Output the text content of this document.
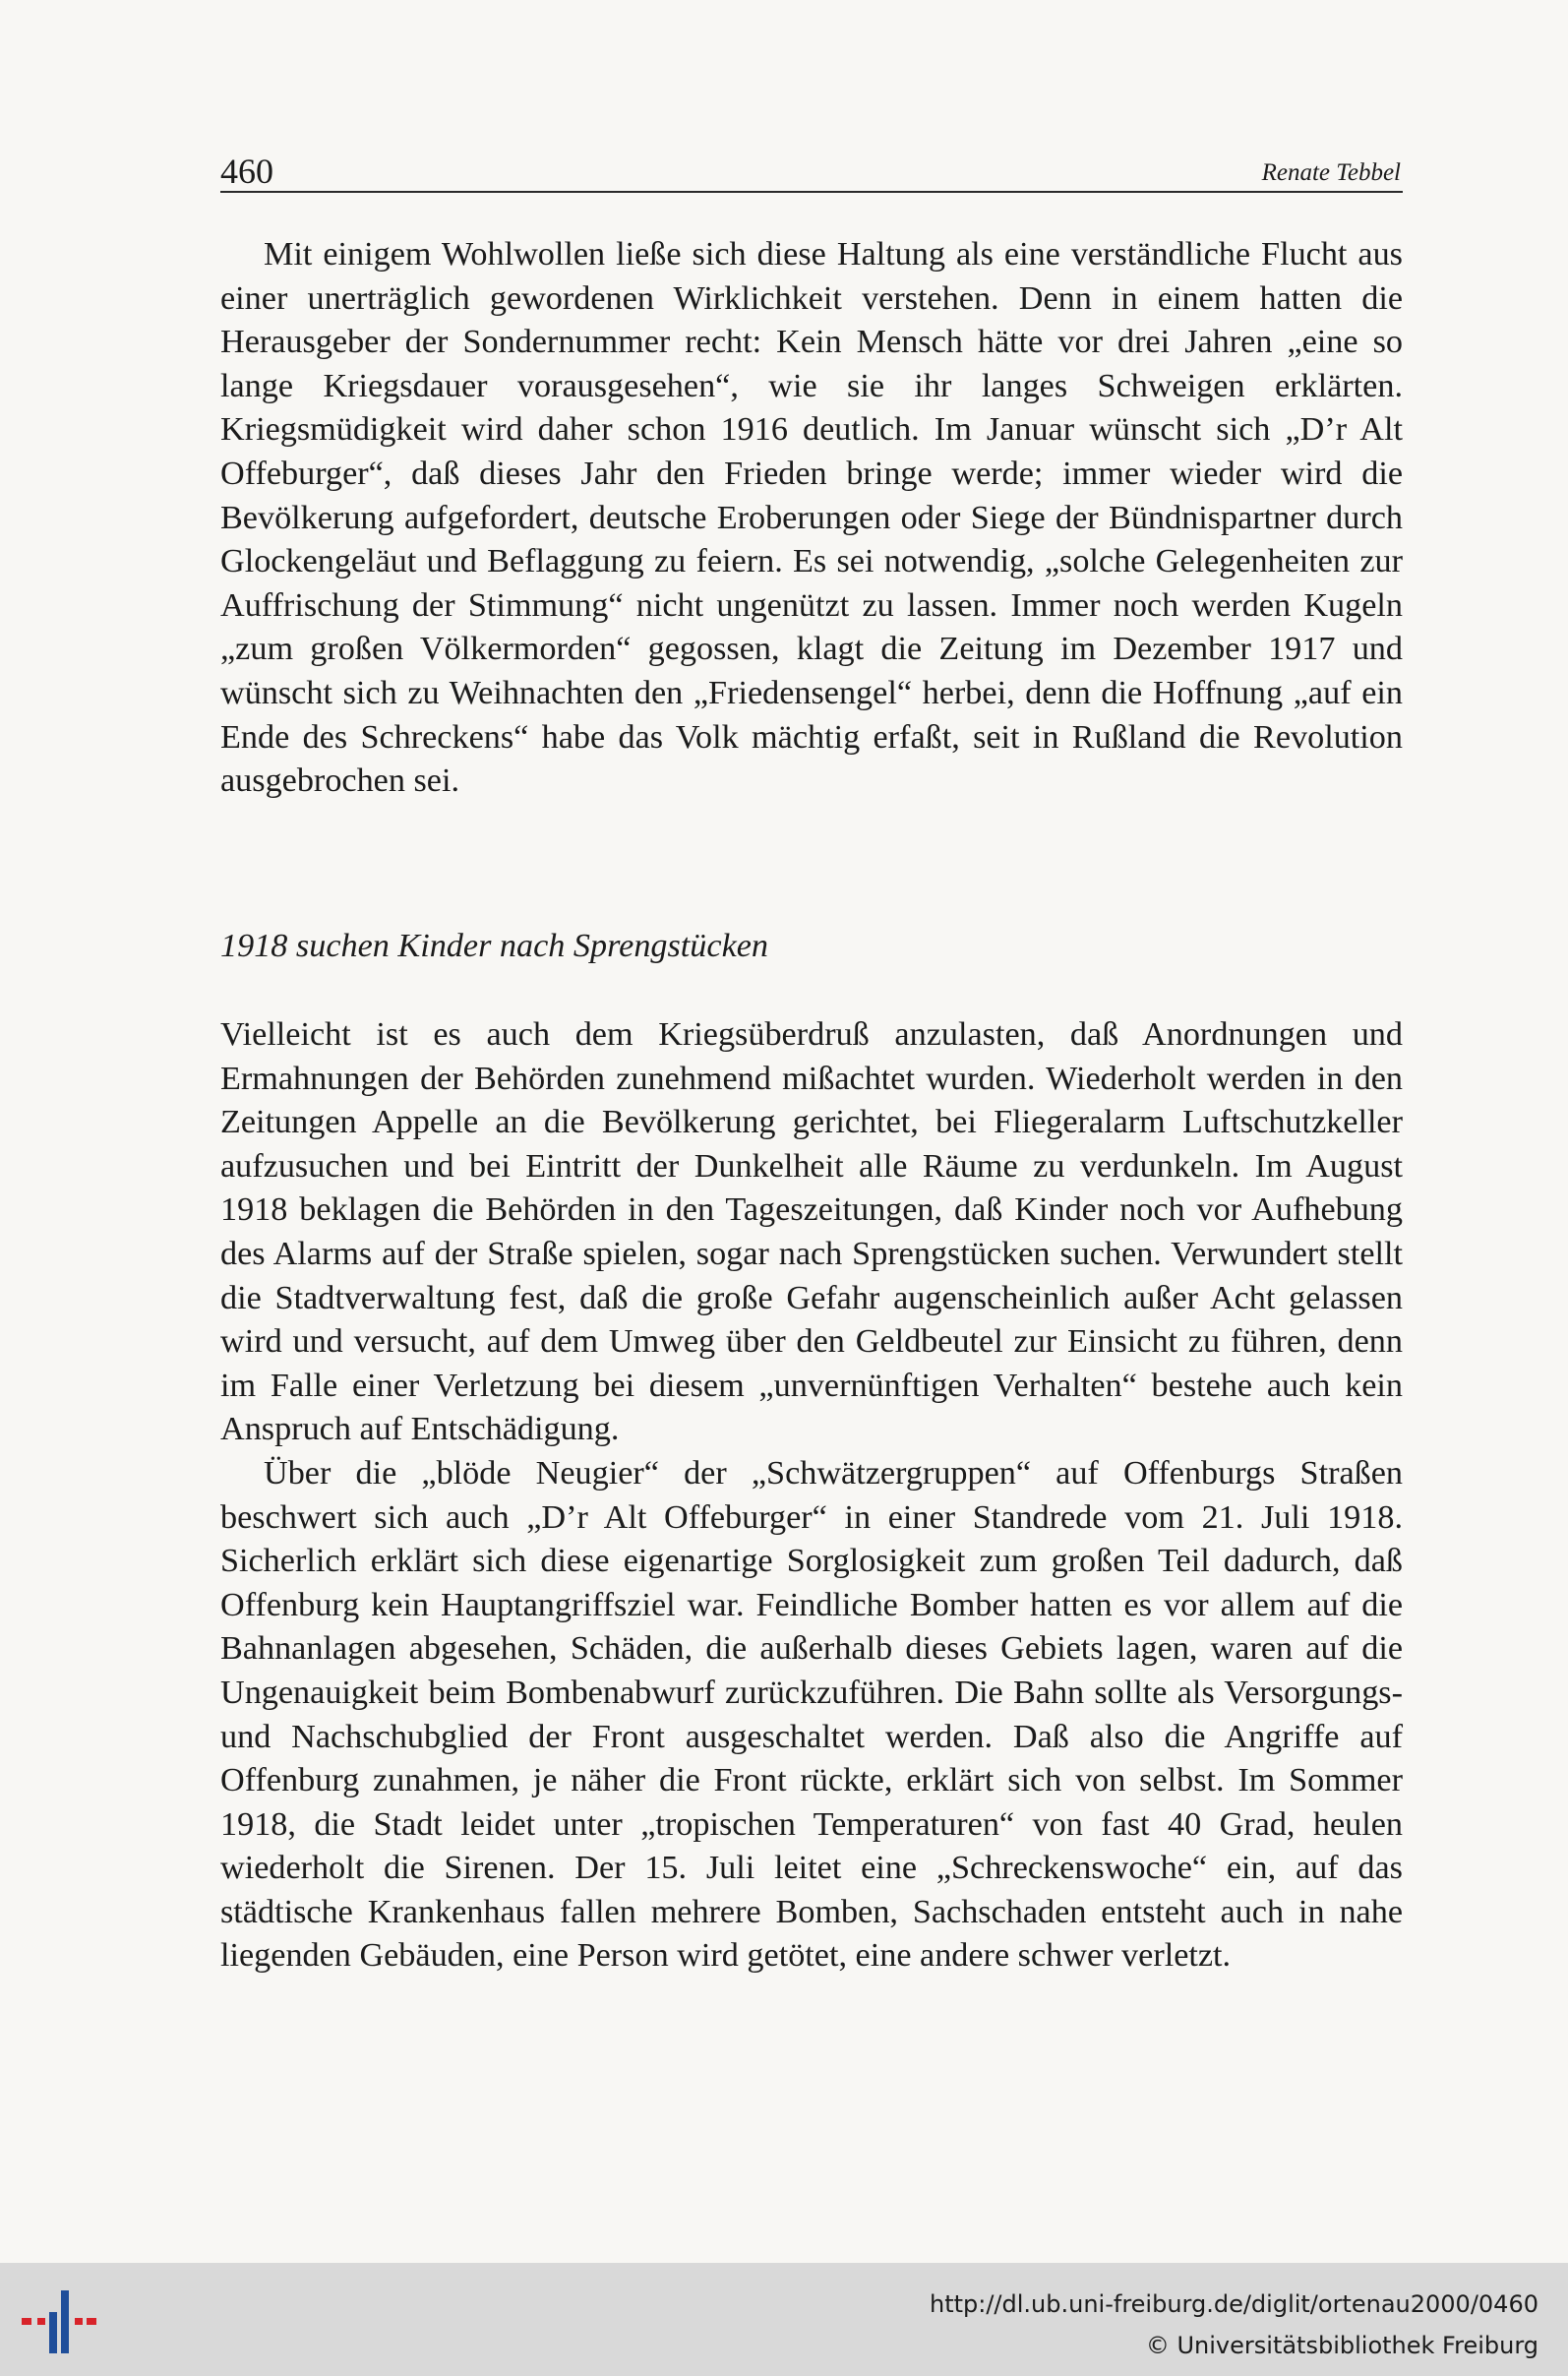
460	Renate Tebbel

Mit einigem Wohlwollen ließe sich diese Haltung als eine verständliche Flucht aus einer unerträglich gewordenen Wirklichkeit verstehen. Denn in einem hatten die Herausgeber der Sondernummer recht: Kein Mensch hätte vor drei Jahren „eine so lange Kriegsdauer vorausgesehen“, wie sie ihr langes Schweigen erklärten. Kriegsmüdigkeit wird daher schon 1916 deutlich. Im Januar wünscht sich „D’r Alt Offeburger“, daß dieses Jahr den Frieden bringe werde; immer wieder wird die Bevölkerung aufgefordert, deutsche Eroberungen oder Siege der Bündnispartner durch Glockengeläut und Beflaggung zu feiern. Es sei notwendig, „solche Gelegenheiten zur Auffrischung der Stimmung“ nicht ungenützt zu lassen. Immer noch werden Kugeln „zum großen Völkermorden“ gegossen, klagt die Zeitung im Dezember 1917 und wünscht sich zu Weihnachten den „Friedensengel“ herbei, denn die Hoffnung „auf ein Ende des Schreckens“ habe das Volk mächtig erfaßt, seit in Rußland die Revolution ausgebrochen sei.

1918 suchen Kinder nach Sprengstücken

Vielleicht ist es auch dem Kriegsüberdruß anzulasten, daß Anordnungen und Ermahnungen der Behörden zunehmend mißachtet wurden. Wiederholt werden in den Zeitungen Appelle an die Bevölkerung gerichtet, bei Fliegeralarm Luftschutzkeller aufzusuchen und bei Eintritt der Dunkelheit alle Räume zu verdunkeln. Im August 1918 beklagen die Behörden in den Tageszeitungen, daß Kinder noch vor Aufhebung des Alarms auf der Straße spielen, sogar nach Sprengstücken suchen. Verwundert stellt die Stadtverwaltung fest, daß die große Gefahr augenscheinlich außer Acht gelassen wird und versucht, auf dem Umweg über den Geldbeutel zur Einsicht zu führen, denn im Falle einer Verletzung bei diesem „unvernünftigen Verhalten“ bestehe auch kein Anspruch auf Entschädigung.

Über die „blöde Neugier“ der „Schwätzergruppen“ auf Offenburgs Straßen beschwert sich auch „D’r Alt Offeburger“ in einer Standrede vom 21. Juli 1918. Sicherlich erklärt sich diese eigenartige Sorglosigkeit zum großen Teil dadurch, daß Offenburg kein Hauptangriffsziel war. Feindliche Bomber hatten es vor allem auf die Bahnanlagen abgesehen, Schäden, die außerhalb dieses Gebiets lagen, waren auf die Ungenauigkeit beim Bombenabwurf zurückzuführen. Die Bahn sollte als Versorgungs- und Nachschubglied der Front ausgeschaltet werden. Daß also die Angriffe auf Offenburg zunahmen, je näher die Front rückte, erklärt sich von selbst. Im Sommer 1918, die Stadt leidet unter „tropischen Temperaturen“ von fast 40 Grad, heulen wiederholt die Sirenen. Der 15. Juli leitet eine „Schreckenswoche“ ein, auf das städtische Krankenhaus fallen mehrere Bomben, Sachschaden entsteht auch in nahe liegenden Gebäuden, eine Person wird getötet, eine andere schwer verletzt.

http://dl.ub.uni-freiburg.de/diglit/ortenau2000/0460
© Universitätsbibliothek Freiburg
